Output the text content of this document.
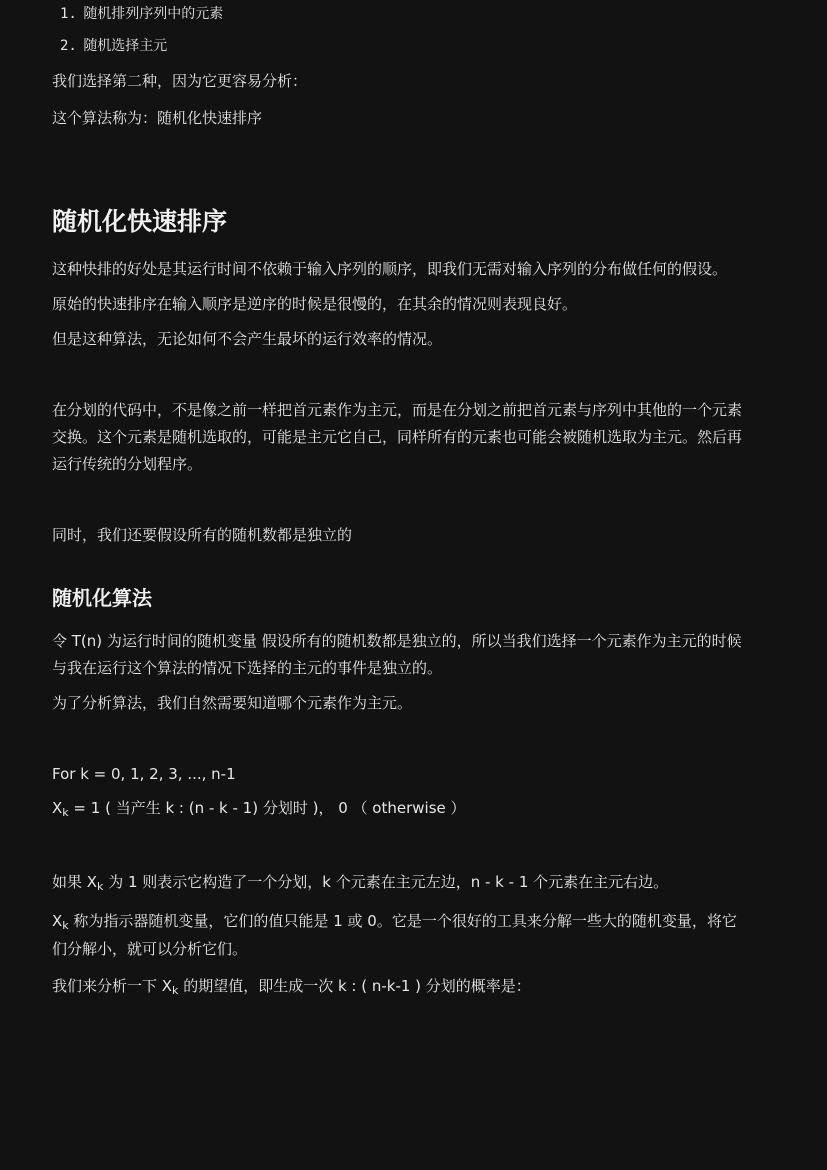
1. 随机排列序列中的元素
2. 随机选择主元
我们选择第二种，因为它更容易分析：
这个算法称为：随机化快速排序
随机化快速排序
这种快排的好处是其运行时间不依赖于输入序列的顺序，即我们无需对输入序列的分布做任何的假设。
原始的快速排序在输入顺序是逆序的时候是很慢的，在其余的情况则表现良好。
但是这种算法，无论如何不会产生最坏的运行效率的情况。
在分划的代码中，不是像之前一样把首元素作为主元，而是在分划之前把首元素与序列中其他的一个元素
交换。这个元素是随机选取的，可能是主元它自己，同样所有的元素也可能会被随机选取为主元。然后再
运行传统的分划程序。
同时，我们还要假设所有的随机数都是独立的
随机化算法
令 T(n) 为运行时间的随机变量 假设所有的随机数都是独立的，所以当我们选择一个元素作为主元的时候
与我在运行这个算法的情况下选择的主元的事件是独立的。
为了分析算法，我们自然需要知道哪个元素作为主元。
For k = 0, 1, 2, 3, ..., n-1
$X_k = 1$ ( 当产生 k : (n - k - 1) 分划时 )， 0 （ otherwise ）
如果 $X_k$ 为 1 则表示它构造了一个分划，k 个元素在主元左边，n - k - 1 个元素在主元右边。
$X_k$ 称为指示器随机变量，它们的值只能是 1 或 0。它是一个很好的工具来分解一些大的随机变量，将它
们分解小，就可以分析它们。
我们来分析一下 $X_k$ 的期望值，即生成一次 k : ( n-k-1 ) 分划的概率是：
